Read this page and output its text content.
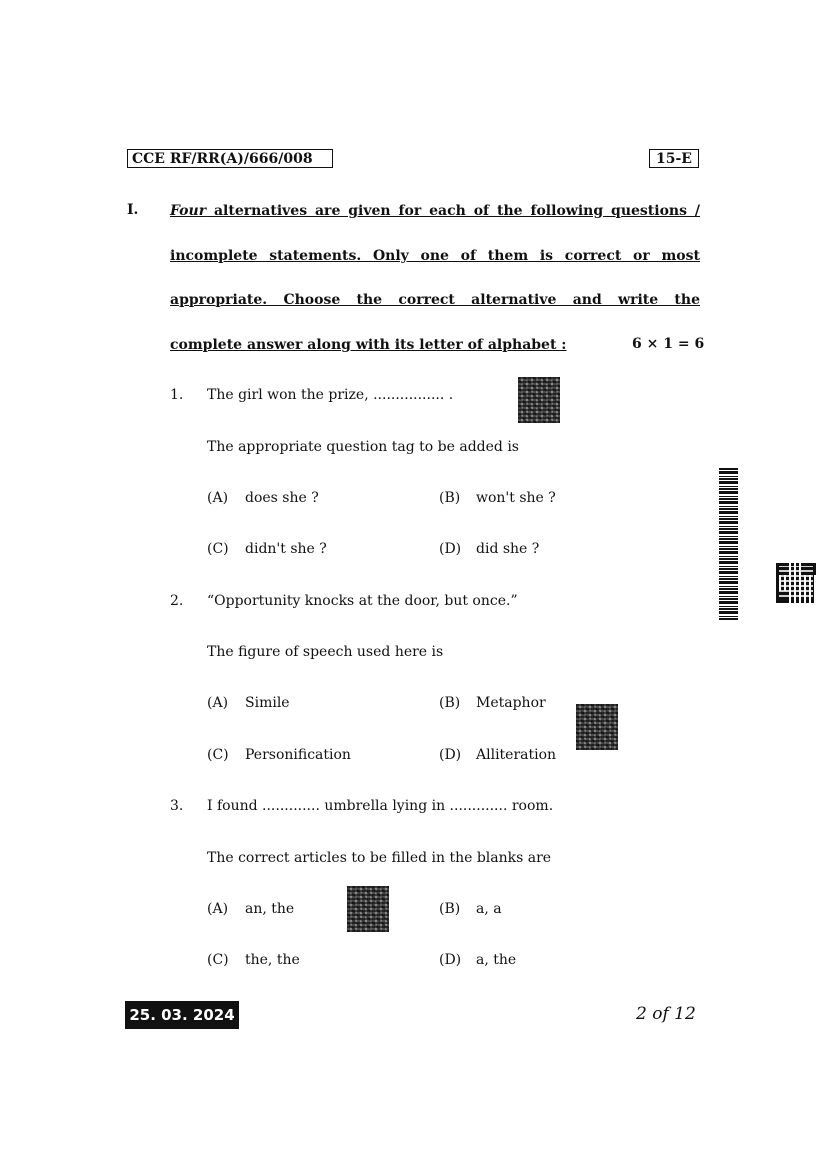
CCE RF/RR(A)/666/008	15-E
I. Four alternatives are given for each of the following questions /
incomplete statements. Only one of them is correct or most
appropriate. Choose the correct alternative and write the
complete answer along with its letter of alphabet :	6 × 1 = 6
1. The girl won the prize, ................ .
The appropriate question tag to be added is
(A) does she ?	(B) won't she ?
(C) didn't she ?	(D) did she ?
2. “Opportunity knocks at the door, but once.”
The figure of speech used here is
(A) Simile	(B) Metaphor
(C) Personification	(D) Alliteration
3. I found ............. umbrella lying in ............. room.
The correct articles to be filled in the blanks are
(A) an, the	(B) a, a
(C) the, the	(D) a, the
25. 03. 2024	2 of 12
